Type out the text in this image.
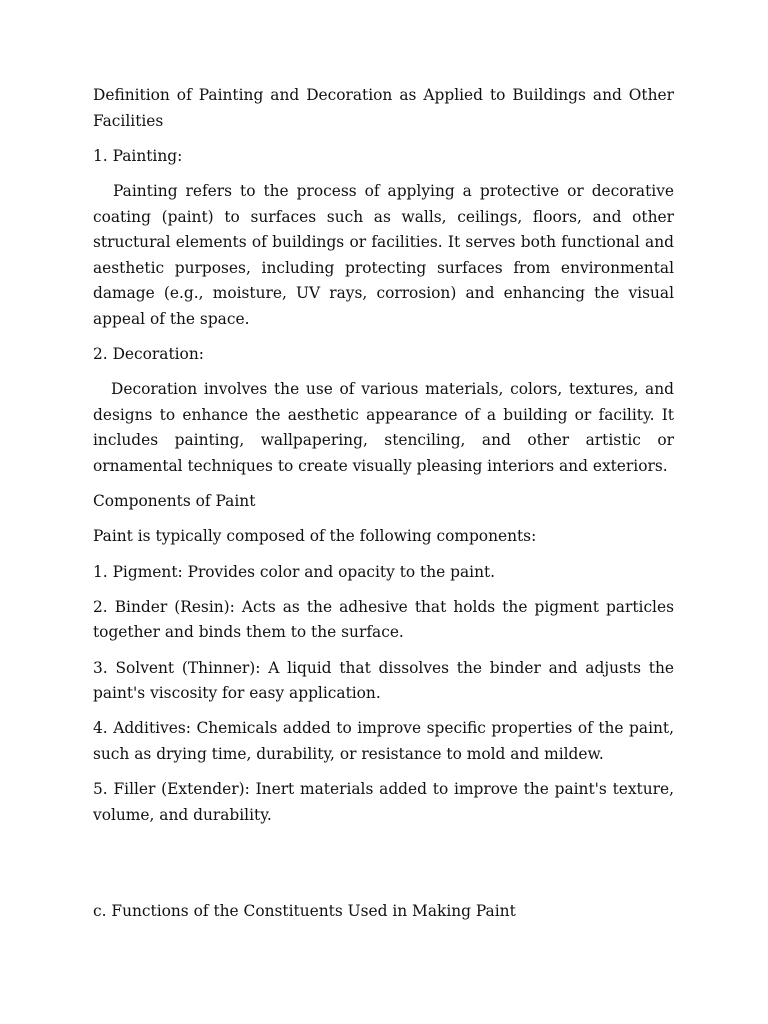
Definition of Painting and Decoration as Applied to Buildings and Other Facilities

1. Painting:

Painting refers to the process of applying a protective or decorative coating (paint) to surfaces such as walls, ceilings, floors, and other structural elements of buildings or facilities. It serves both functional and aesthetic purposes, including protecting surfaces from environmental damage (e.g., moisture, UV rays, corrosion) and enhancing the visual appeal of the space.

2. Decoration:

Decoration involves the use of various materials, colors, textures, and designs to enhance the aesthetic appearance of a building or facility. It includes painting, wallpapering, stenciling, and other artistic or ornamental techniques to create visually pleasing interiors and exteriors.

Components of Paint

Paint is typically composed of the following components:

1. Pigment: Provides color and opacity to the paint.

2. Binder (Resin): Acts as the adhesive that holds the pigment particles together and binds them to the surface.

3. Solvent (Thinner): A liquid that dissolves the binder and adjusts the paint's viscosity for easy application.

4. Additives: Chemicals added to improve specific properties of the paint, such as drying time, durability, or resistance to mold and mildew.

5. Filler (Extender): Inert materials added to improve the paint's texture, volume, and durability.

c. Functions of the Constituents Used in Making Paint
